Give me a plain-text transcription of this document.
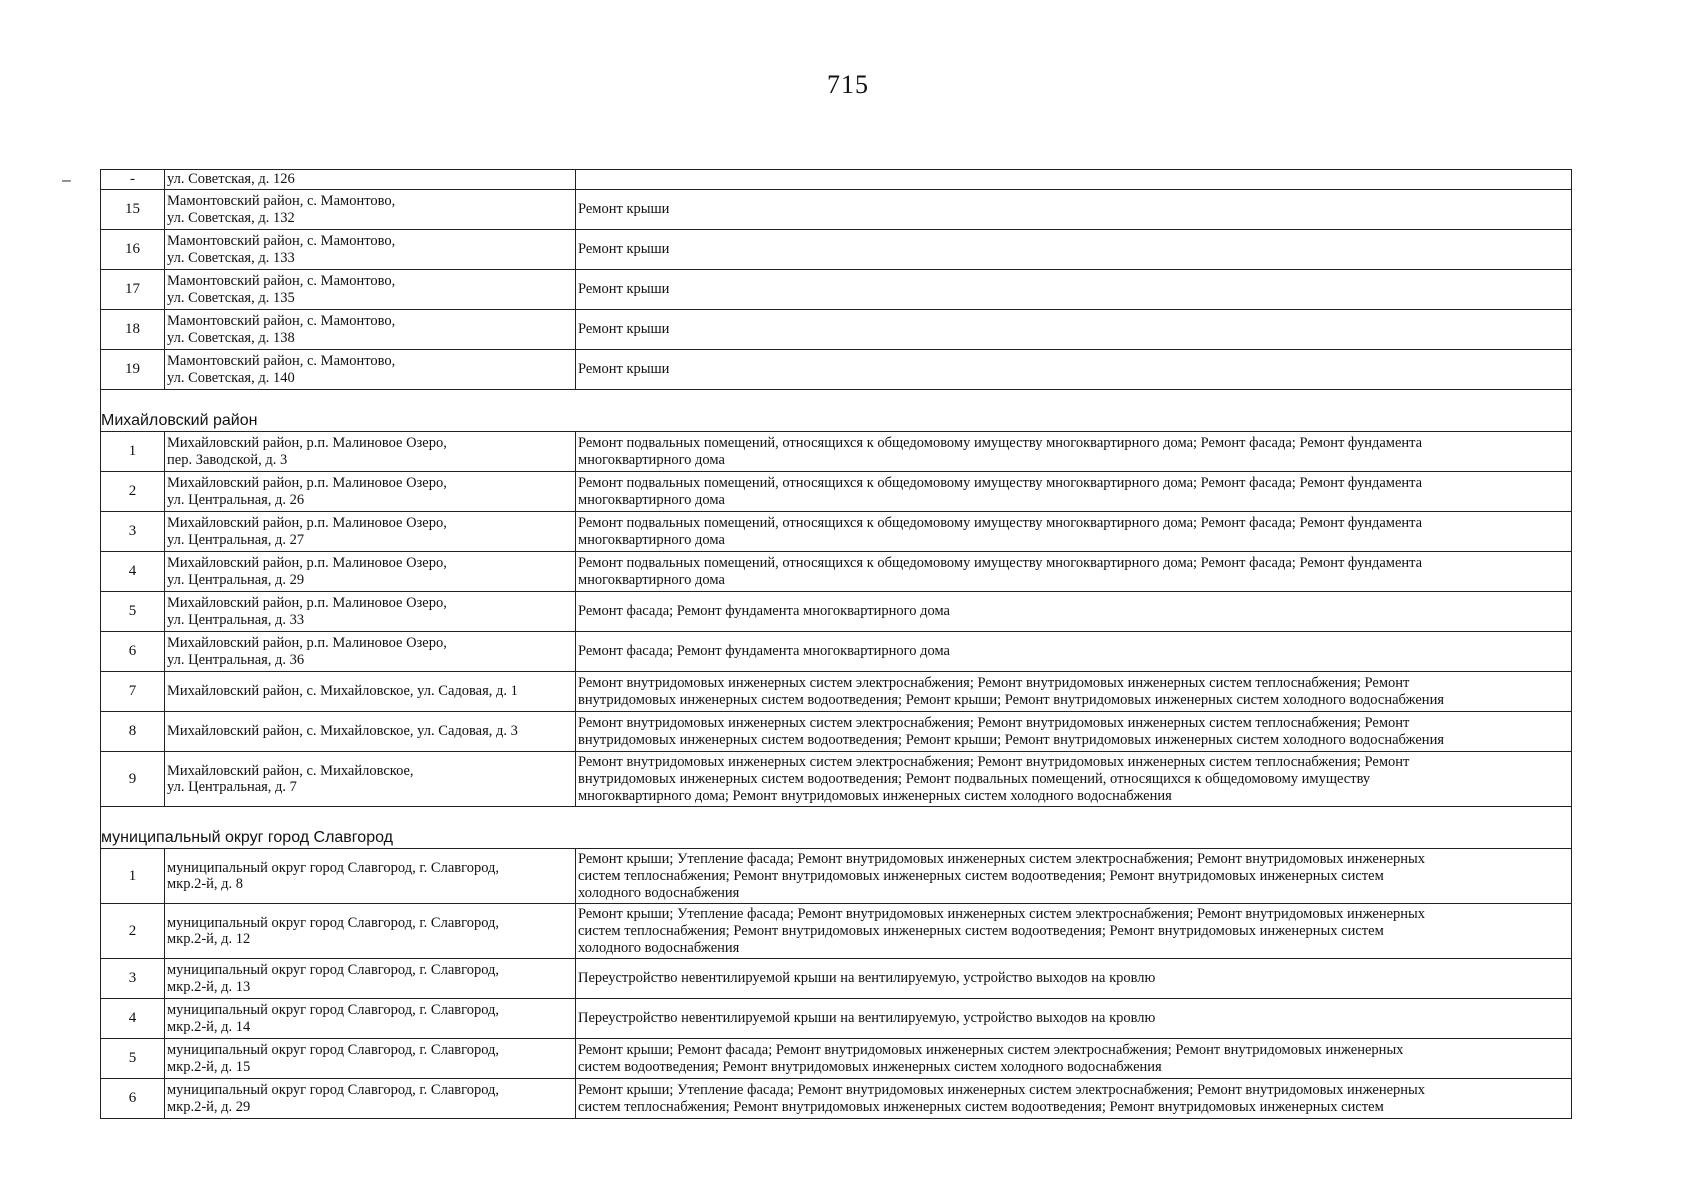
715
–	-	ул. Советская, д. 126	

15	Мамонтовский район, с. Мамонтово,
ул. Советская, д. 132	Ремонт крыши

16	Мамонтовский район, с. Мамонтово,
ул. Советская, д. 133	Ремонт крыши

17	Мамонтовский район, с. Мамонтово,
ул. Советская, д. 135	Ремонт крыши

18	Мамонтовский район, с. Мамонтово,
ул. Советская, д. 138	Ремонт крыши

19	Мамонтовский район, с. Мамонтово,
ул. Советская, д. 140	Ремонт крыши

Михайловский район		
1	Михайловский район, р.п. Малиновое Озеро,
пер. Заводской, д. 3	Ремонт подвальных помещений, относящихся к общедомовому имуществу многоквартирного дома; Ремонт фасада; Ремонт фундамента
многоквартирного дома

2	Михайловский район, р.п. Малиновое Озеро,
ул. Центральная, д. 26	Ремонт подвальных помещений, относящихся к общедомовому имуществу многоквартирного дома; Ремонт фасада; Ремонт фундамента
многоквартирного дома

3	Михайловский район, р.п. Малиновое Озеро,
ул. Центральная, д. 27	Ремонт подвальных помещений, относящихся к общедомовому имуществу многоквартирного дома; Ремонт фасада; Ремонт фундамента
многоквартирного дома

4	Михайловский район, р.п. Малиновое Озеро,
ул. Центральная, д. 29	Ремонт подвальных помещений, относящихся к общедомовому имуществу многоквартирного дома; Ремонт фасада; Ремонт фундамента
многоквартирного дома

5	Михайловский район, р.п. Малиновое Озеро,
ул. Центральная, д. 33	Ремонт фасада; Ремонт фундамента многоквартирного дома

6	Михайловский район, р.п. Малиновое Озеро,
ул. Центральная, д. 36	Ремонт фасада; Ремонт фундамента многоквартирного дома

7	Михайловский район, с. Михайловское, ул. Садовая, д. 1	Ремонт внутридомовых инженерных систем электроснабжения; Ремонт внутридомовых инженерных систем теплоснабжения; Ремонт
внутридомовых инженерных систем водоотведения; Ремонт крыши; Ремонт внутридомовых инженерных систем холодного водоснабжения

8	Михайловский район, с. Михайловское, ул. Садовая, д. 3	Ремонт внутридомовых инженерных систем электроснабжения; Ремонт внутридомовых инженерных систем теплоснабжения; Ремонт
внутридомовых инженерных систем водоотведения; Ремонт крыши; Ремонт внутридомовых инженерных систем холодного водоснабжения

9	Михайловский район, с. Михайловское,
ул. Центральная, д. 7	Ремонт внутридомовых инженерных систем электроснабжения; Ремонт внутридомовых инженерных систем теплоснабжения; Ремонт
внутридомовых инженерных систем водоотведения; Ремонт подвальных помещений, относящихся к общедомовому имуществу
многоквартирного дома; Ремонт внутридомовых инженерных систем холодного водоснабжения

муниципальный округ город Славгород		
1	муниципальный округ город Славгород, г. Славгород,
мкр.2-й, д. 8	Ремонт крыши; Утепление фасада; Ремонт внутридомовых инженерных систем электроснабжения; Ремонт внутридомовых инженерных
систем теплоснабжения; Ремонт внутридомовых инженерных систем водоотведения; Ремонт внутридомовых инженерных систем
холодного водоснабжения

2	муниципальный округ город Славгород, г. Славгород,
мкр.2-й, д. 12	Ремонт крыши; Утепление фасада; Ремонт внутридомовых инженерных систем электроснабжения; Ремонт внутридомовых инженерных
систем теплоснабжения; Ремонт внутридомовых инженерных систем водоотведения; Ремонт внутридомовых инженерных систем
холодного водоснабжения

3	муниципальный округ город Славгород, г. Славгород,
мкр.2-й, д. 13	Переустройство невентилируемой крыши на вентилируемую, устройство выходов на кровлю

4	муниципальный округ город Славгород, г. Славгород,
мкр.2-й, д. 14	Переустройство невентилируемой крыши на вентилируемую, устройство выходов на кровлю

5	муниципальный округ город Славгород, г. Славгород,
мкр.2-й, д. 15	Ремонт крыши; Ремонт фасада; Ремонт внутридомовых инженерных систем электроснабжения; Ремонт внутридомовых инженерных
систем водоотведения; Ремонт внутридомовых инженерных систем холодного водоснабжения

6	муниципальный округ город Славгород, г. Славгород,
мкр.2-й, д. 29	Ремонт крыши; Утепление фасада; Ремонт внутридомовых инженерных систем электроснабжения; Ремонт внутридомовых инженерных
систем теплоснабжения; Ремонт внутридомовых инженерных систем водоотведения; Ремонт внутридомовых инженерных систем
